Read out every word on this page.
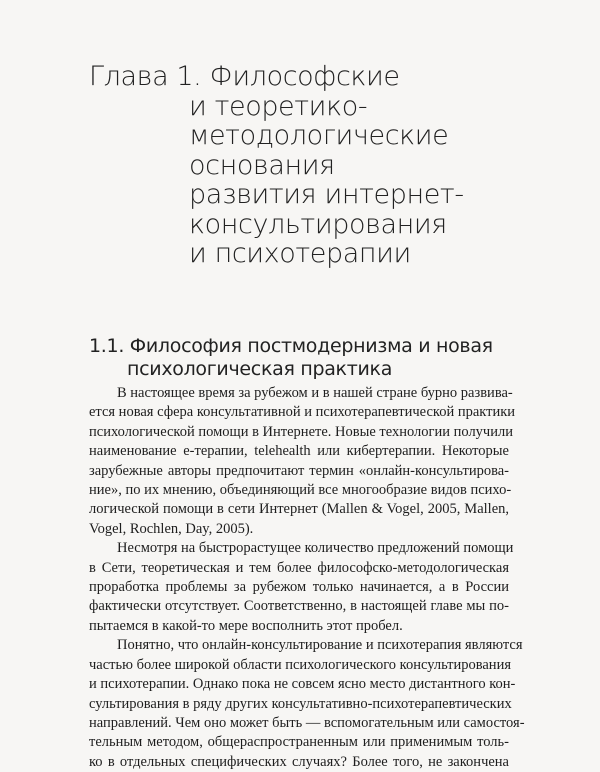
Глава 1. Философские
и теоретико-
методологические
основания
развития интернет-
консультирования
и психотерапии
1.1. Философия постмодернизма и новая
психологическая практика

В настоящее время за рубежом и в нашей стране бурно развива-
ется новая сфера консультативной и психотерапевтической практики
психологической помощи в Интернете. Новые технологии получили
наименование е-терапии, telehealth или кибертерапии. Некоторые
зарубежные авторы предпочитают термин «онлайн-консультирова-
ние», по их мнению, объединяющий все многообразие видов психо-
логической помощи в сети Интернет (Mallen & Vogel, 2005, Mallen,
Vogel, Rochlen, Day, 2005).

Несмотря на быстрорастущее количество предложений помощи
в Сети, теоретическая и тем более философско-методологическая
проработка проблемы за рубежом только начинается, а в России
фактически отсутствует. Соответственно, в настоящей главе мы по-
пытаемся в какой-то мере восполнить этот пробел.

Понятно, что онлайн-консультирование и психотерапия являются
частью более широкой области психологического консультирования
и психотерапии. Однако пока не совсем ясно место дистантного кон-
сультирования в ряду других консультативно-психотерапевтических
направлений. Чем оно может быть — вспомогательным или самостоя-
тельным методом, общераспространенным или применимым толь-
ко в отдельных специфических случаях? Более того, не закончена
